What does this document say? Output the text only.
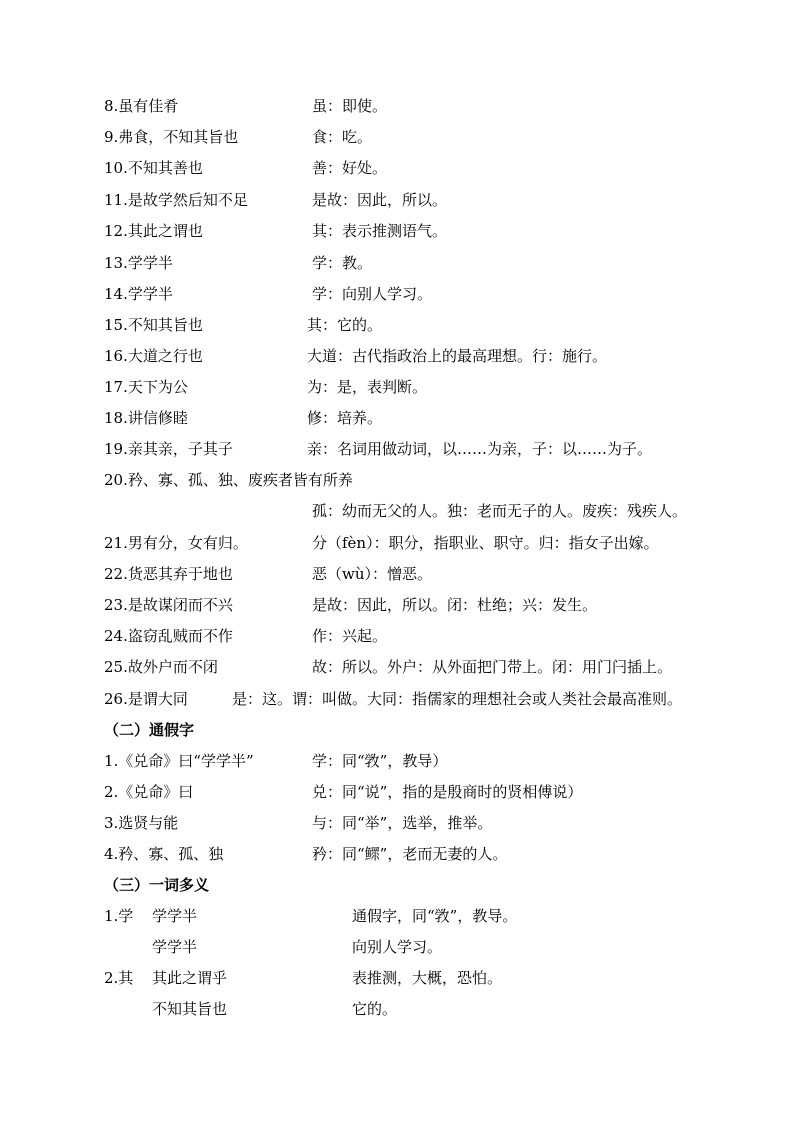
8.虽有佳肴	虽：即使。
9.弗食，不知其旨也	食：吃。
10.不知其善也	善：好处。
11.是故学然后知不足	是故：因此，所以。
12.其此之谓也	其：表示推测语气。
13.学学半	学：教。
14.学学半	学：向别人学习。
15.不知其旨也	其：它的。
16.大道之行也	大道：古代指政治上的最高理想。行：施行。
17.天下为公	为：是，表判断。
18.讲信修睦	修：培养。
19.亲其亲，子其子	亲：名词用做动词，以……为亲，子：以……为子。
20.矜、寡、孤、独、废疾者皆有所养
孤：幼而无父的人。独：老而无子的人。废疾：残疾人。
21.男有分，女有归。	分（fèn）：职分，指职业、职守。归：指女子出嫁。
22.货恶其弃于地也	恶（wù）：憎恶。
23.是故谋闭而不兴	是故：因此，所以。闭：杜绝；兴：发生。
24.盗窃乱贼而不作	作：兴起。
25.故外户而不闭	故：所以。外户：从外面把门带上。闭：用门闩插上。
26.是谓大同	是：这。谓：叫做。大同：指儒家的理想社会或人类社会最高准则。
（二）通假字
1.《兑命》曰“学学半”	学：同“敩”，教导）
2.《兑命》曰	兑：同“说”，指的是殷商时的贤相傅说）
3.选贤与能	与：同“举”，选举，推举。
4.矜、寡、孤、独	矜：同“鳏”，老而无妻的人。
（三）一词多义
1.学 学学半	通假字，同“敩”，教导。
学学半	向别人学习。
2.其 其此之谓乎	表推测，大概，恐怕。
不知其旨也	它的。
